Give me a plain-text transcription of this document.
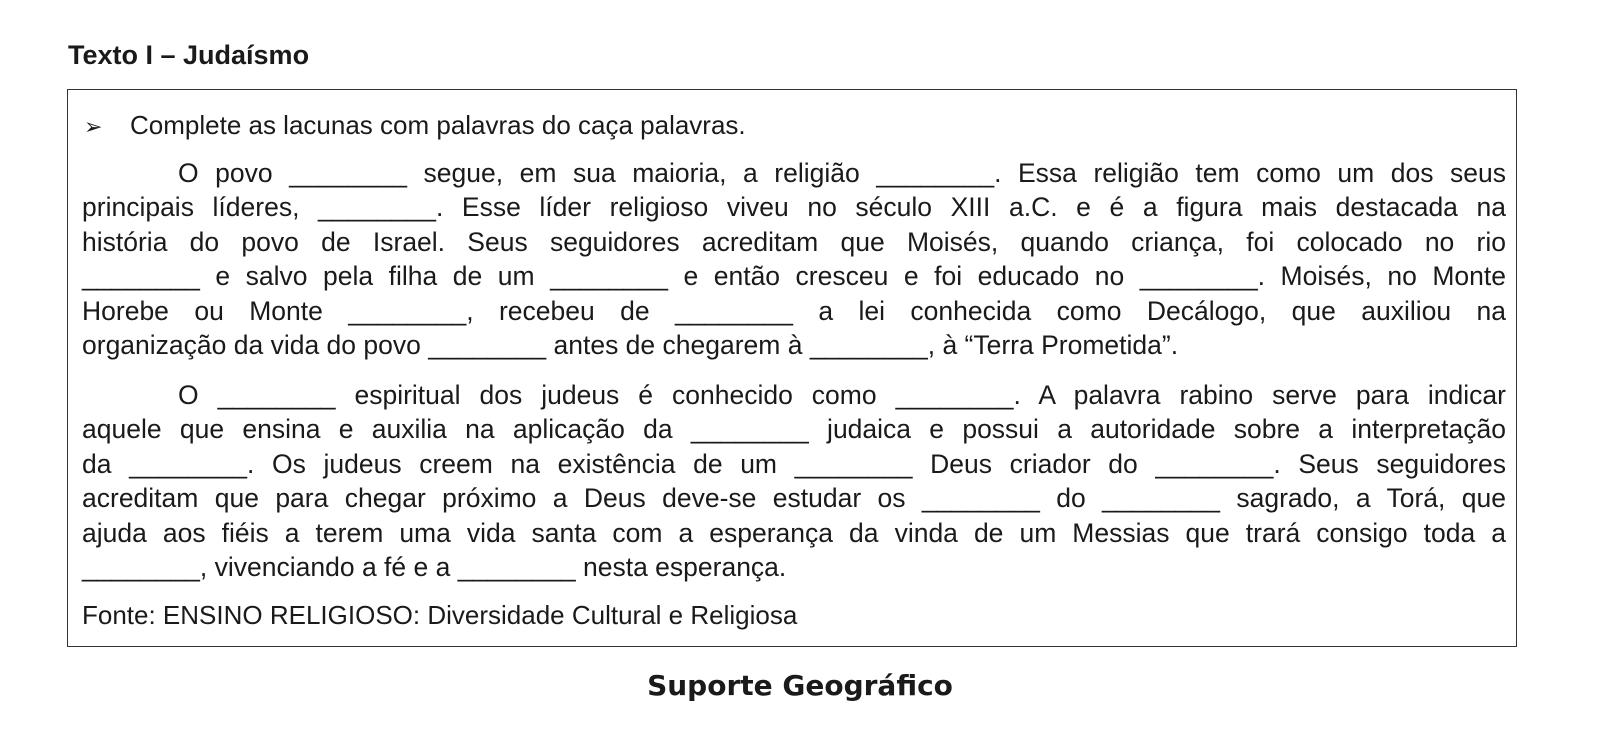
Texto I – Judaísmo

➢ Complete as lacunas com palavras do caça palavras.

O povo ________ segue, em sua maioria, a religião ________. Essa religião tem como um dos seus
principais líderes, ________. Esse líder religioso viveu no século XIII a.C. e é a figura mais destacada na
história do povo de Israel. Seus seguidores acreditam que Moisés, quando criança, foi colocado no rio
________ e salvo pela filha de um ________ e então cresceu e foi educado no ________. Moisés, no Monte
Horebe ou Monte ________, recebeu de ________ a lei conhecida como Decálogo, que auxiliou na
organização da vida do povo ________ antes de chegarem à ________, à “Terra Prometida”.
O ________ espiritual dos judeus é conhecido como ________. A palavra rabino serve para indicar
aquele que ensina e auxilia na aplicação da ________ judaica e possui a autoridade sobre a interpretação
da ________. Os judeus creem na existência de um ________ Deus criador do ________. Seus seguidores
acreditam que para chegar próximo a Deus deve-se estudar os ________ do ________ sagrado, a Torá, que
ajuda aos fiéis a terem uma vida santa com a esperança da vinda de um Messias que trará consigo toda a
________, vivenciando a fé e a ________ nesta esperança.

Fonte: ENSINO RELIGIOSO: Diversidade Cultural e Religiosa

Suporte Geográfico
